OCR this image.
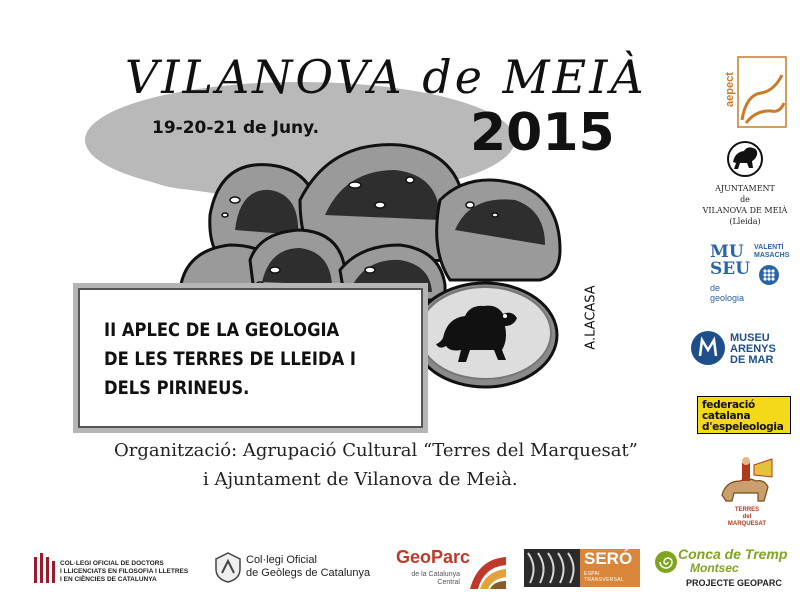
VILANOVA de MEIÀ
19-20-21 de Juny.	2015
A.LACASA
II APLEC DE LA GEOLOGIA
DE LES TERRES DE LLEIDA I
DELS PIRINEUS.
Organització: Agrupació Cultural “Terres del Marquesat”
i Ajuntament de Vilanova de Meià.
aepect
AJUNTAMENT
de
VILANOVA DE MEIÀ
(Lleida)
MU
SEU
de
geologia
VALENTÍ
MASACHS
MUSEU
ARENYS
DE MAR
federació
catalana
d'espeleologia
TERRES
del
MARQUESAT
COL·LEGI OFICIAL DE DOCTORS
I LLICENCIATS EN FILOSOFIA I LLETRES
I EN CIÈNCIES DE CATALUNYA
Col·legi Oficial
de Geòlegs de Catalunya
GeoParc
de la Catalunya
Central
SERÓ
ESPAI TRANSVERSAL
Conca de Tremp
Montsec
PROJECTE GEOPARC
